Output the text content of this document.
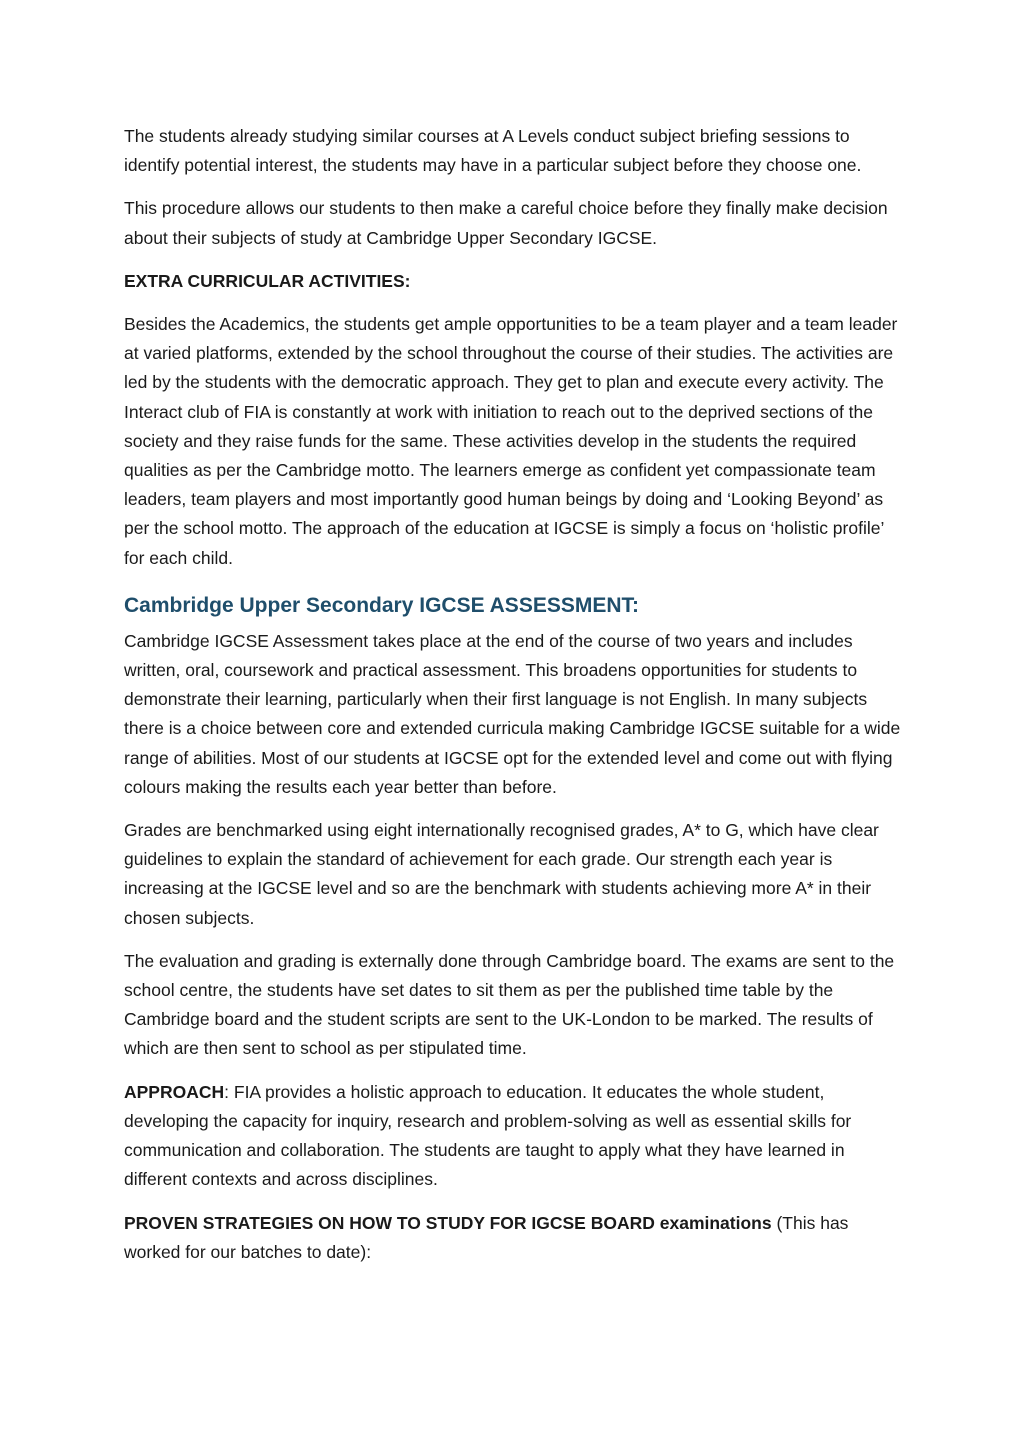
The students already studying similar courses at A Levels conduct subject briefing sessions to identify potential interest, the students may have in a particular subject before they choose one.

This procedure allows our students to then make a careful choice before they finally make decision about their subjects of study at Cambridge Upper Secondary IGCSE.

EXTRA CURRICULAR ACTIVITIES:

Besides the Academics, the students get ample opportunities to be a team player and a team leader at varied platforms, extended by the school throughout the course of their studies. The activities are led by the students with the democratic approach. They get to plan and execute every activity. The Interact club of FIA is constantly at work with initiation to reach out to the deprived sections of the society and they raise funds for the same. These activities develop in the students the required qualities as per the Cambridge motto. The learners emerge as confident yet compassionate team leaders, team players and most importantly good human beings by doing and ‘Looking Beyond’ as per the school motto. The approach of the education at IGCSE is simply a focus on ‘holistic profile’ for each child.

Cambridge Upper Secondary IGCSE ASSESSMENT:

Cambridge IGCSE Assessment takes place at the end of the course of two years and includes written, oral, coursework and practical assessment. This broadens opportunities for students to demonstrate their learning, particularly when their first language is not English. In many subjects there is a choice between core and extended curricula making Cambridge IGCSE suitable for a wide range of abilities. Most of our students at IGCSE opt for the extended level and come out with flying colours making the results each year better than before.

Grades are benchmarked using eight internationally recognised grades, A* to G, which have clear guidelines to explain the standard of achievement for each grade. Our strength each year is increasing at the IGCSE level and so are the benchmark with students achieving more A* in their chosen subjects.

The evaluation and grading is externally done through Cambridge board. The exams are sent to the school centre, the students have set dates to sit them as per the published time table by the Cambridge board and the student scripts are sent to the UK-London to be marked. The results of which are then sent to school as per stipulated time.

APPROACH: FIA provides a holistic approach to education. It educates the whole student, developing the capacity for inquiry, research and problem-solving as well as essential skills for communication and collaboration. The students are taught to apply what they have learned in different contexts and across disciplines.

PROVEN STRATEGIES ON HOW TO STUDY FOR IGCSE BOARD examinations (This has worked for our batches to date):
